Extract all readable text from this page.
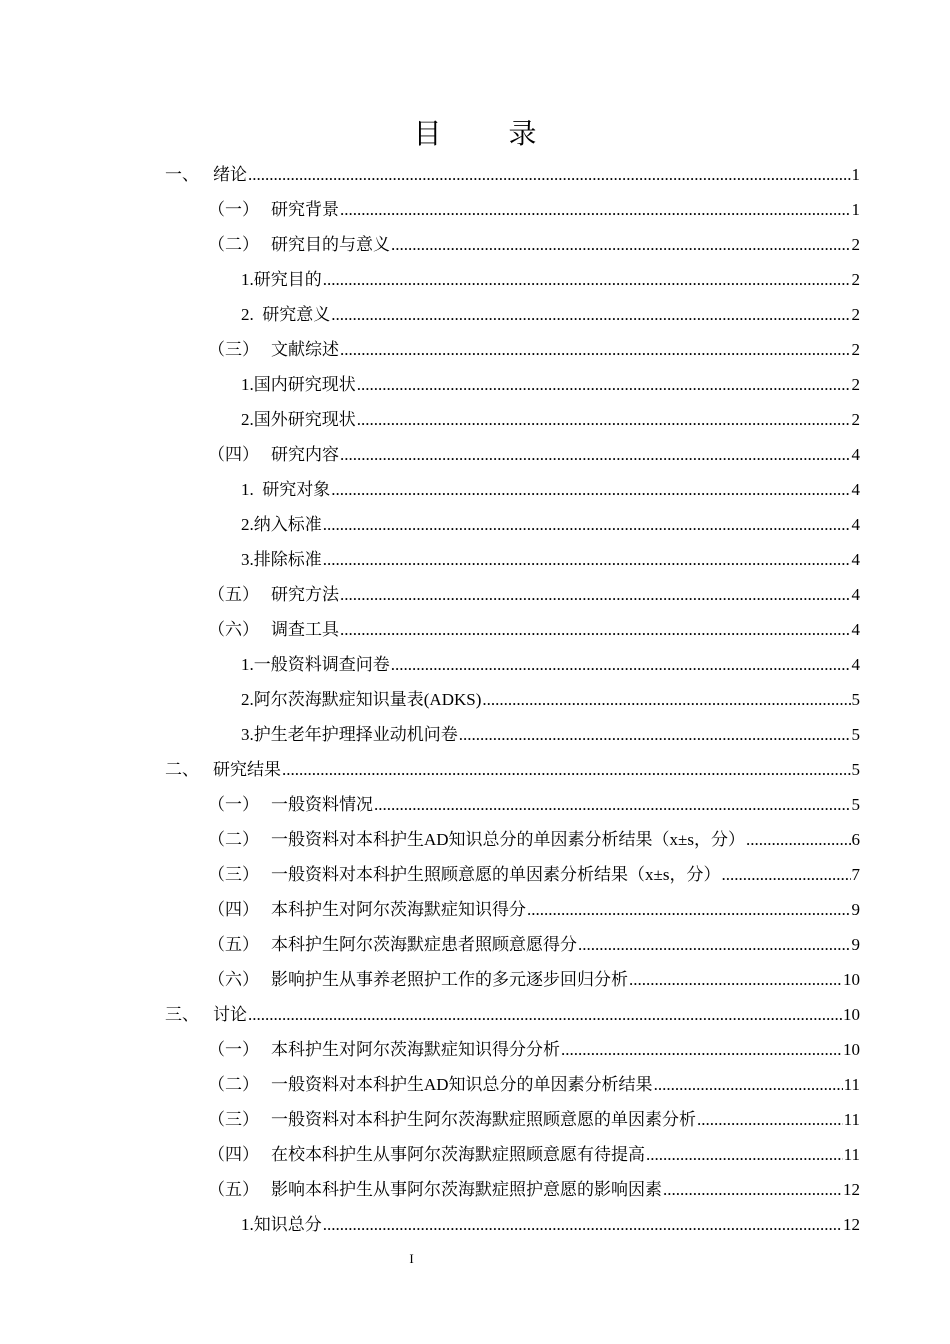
目 录
一、 绪论 .....	1
（一） 研究背景 .....	1
（二） 研究目的与意义 .....	2
1.研究目的 .....	2
2.  研究意义 .....	2
（三） 文献综述 .....	2
1.国内研究现状 .....	2
2.国外研究现状 .....	2
（四） 研究内容 .....	4
1.  研究对象 .....	4
2.纳入标准 .....	4
3.排除标准 .....	4
（五） 研究方法 .....	4
（六） 调查工具 .....	4
1.一般资料调查问卷 .....	4
2.阿尔茨海默症知识量表(ADKS) .....	5
3.护生老年护理择业动机问卷 .....	5
二、 研究结果 .....	5
（一） 一般资料情况 .....	5
（二） 一般资料对本科护生AD知识总分的单因素分析结果（x±s，分） .....	6
（三） 一般资料对本科护生照顾意愿的单因素分析结果（x±s，分） .....	7
（四） 本科护生对阿尔茨海默症知识得分 .....	9
（五） 本科护生阿尔茨海默症患者照顾意愿得分 .....	9
（六） 影响护生从事养老照护工作的多元逐步回归分析 .....	10
三、 讨论 .....	10
（一） 本科护生对阿尔茨海默症知识得分分析 .....	10
（二） 一般资料对本科护生AD知识总分的单因素分析结果 .....	11
（三） 一般资料对本科护生阿尔茨海默症照顾意愿的单因素分析 .....	11
（四） 在校本科护生从事阿尔茨海默症照顾意愿有待提高 .....	11
（五） 影响本科护生从事阿尔茨海默症照护意愿的影响因素 .....	12
1.知识总分 .....	12
I
